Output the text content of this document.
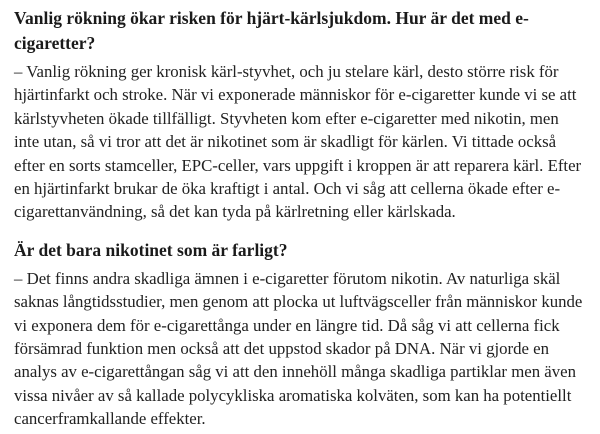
Vanlig rökning ökar risken för hjärt-kärlsjukdom. Hur är det med e-cigaretter?

– Vanlig rökning ger kronisk kärl-styvhet, och ju stelare kärl, desto större risk för hjärtinfarkt och stroke. När vi exponerade människor för e-cigaretter kunde vi se att kärlstyvheten ökade tillfälligt. Styvheten kom efter e-cigaretter med nikotin, men inte utan, så vi tror att det är nikotinet som är skadligt för kärlen. Vi tittade också efter en sorts stamceller, EPC-celler, vars uppgift i kroppen är att reparera kärl. Efter en hjärtinfarkt brukar de öka kraftigt i antal. Och vi såg att cellerna ökade efter e-cigarettanvändning, så det kan tyda på kärlretning eller kärlskada.

Är det bara nikotinet som är farligt?

– Det finns andra skadliga ämnen i e-cigaretter förutom nikotin. Av naturliga skäl saknas långtidsstudier, men genom att plocka ut luftvägsceller från människor kunde vi exponera dem för e-cigarettånga under en längre tid. Då såg vi att cellerna fick försämrad funktion men också att det uppstod skador på DNA. När vi gjorde en analys av e-cigarettångan såg vi att den innehöll många skadliga partiklar men även vissa nivåer av så kallade polycykliska aromatiska kolväten, som kan ha potentiellt cancerframkallande effekter.
